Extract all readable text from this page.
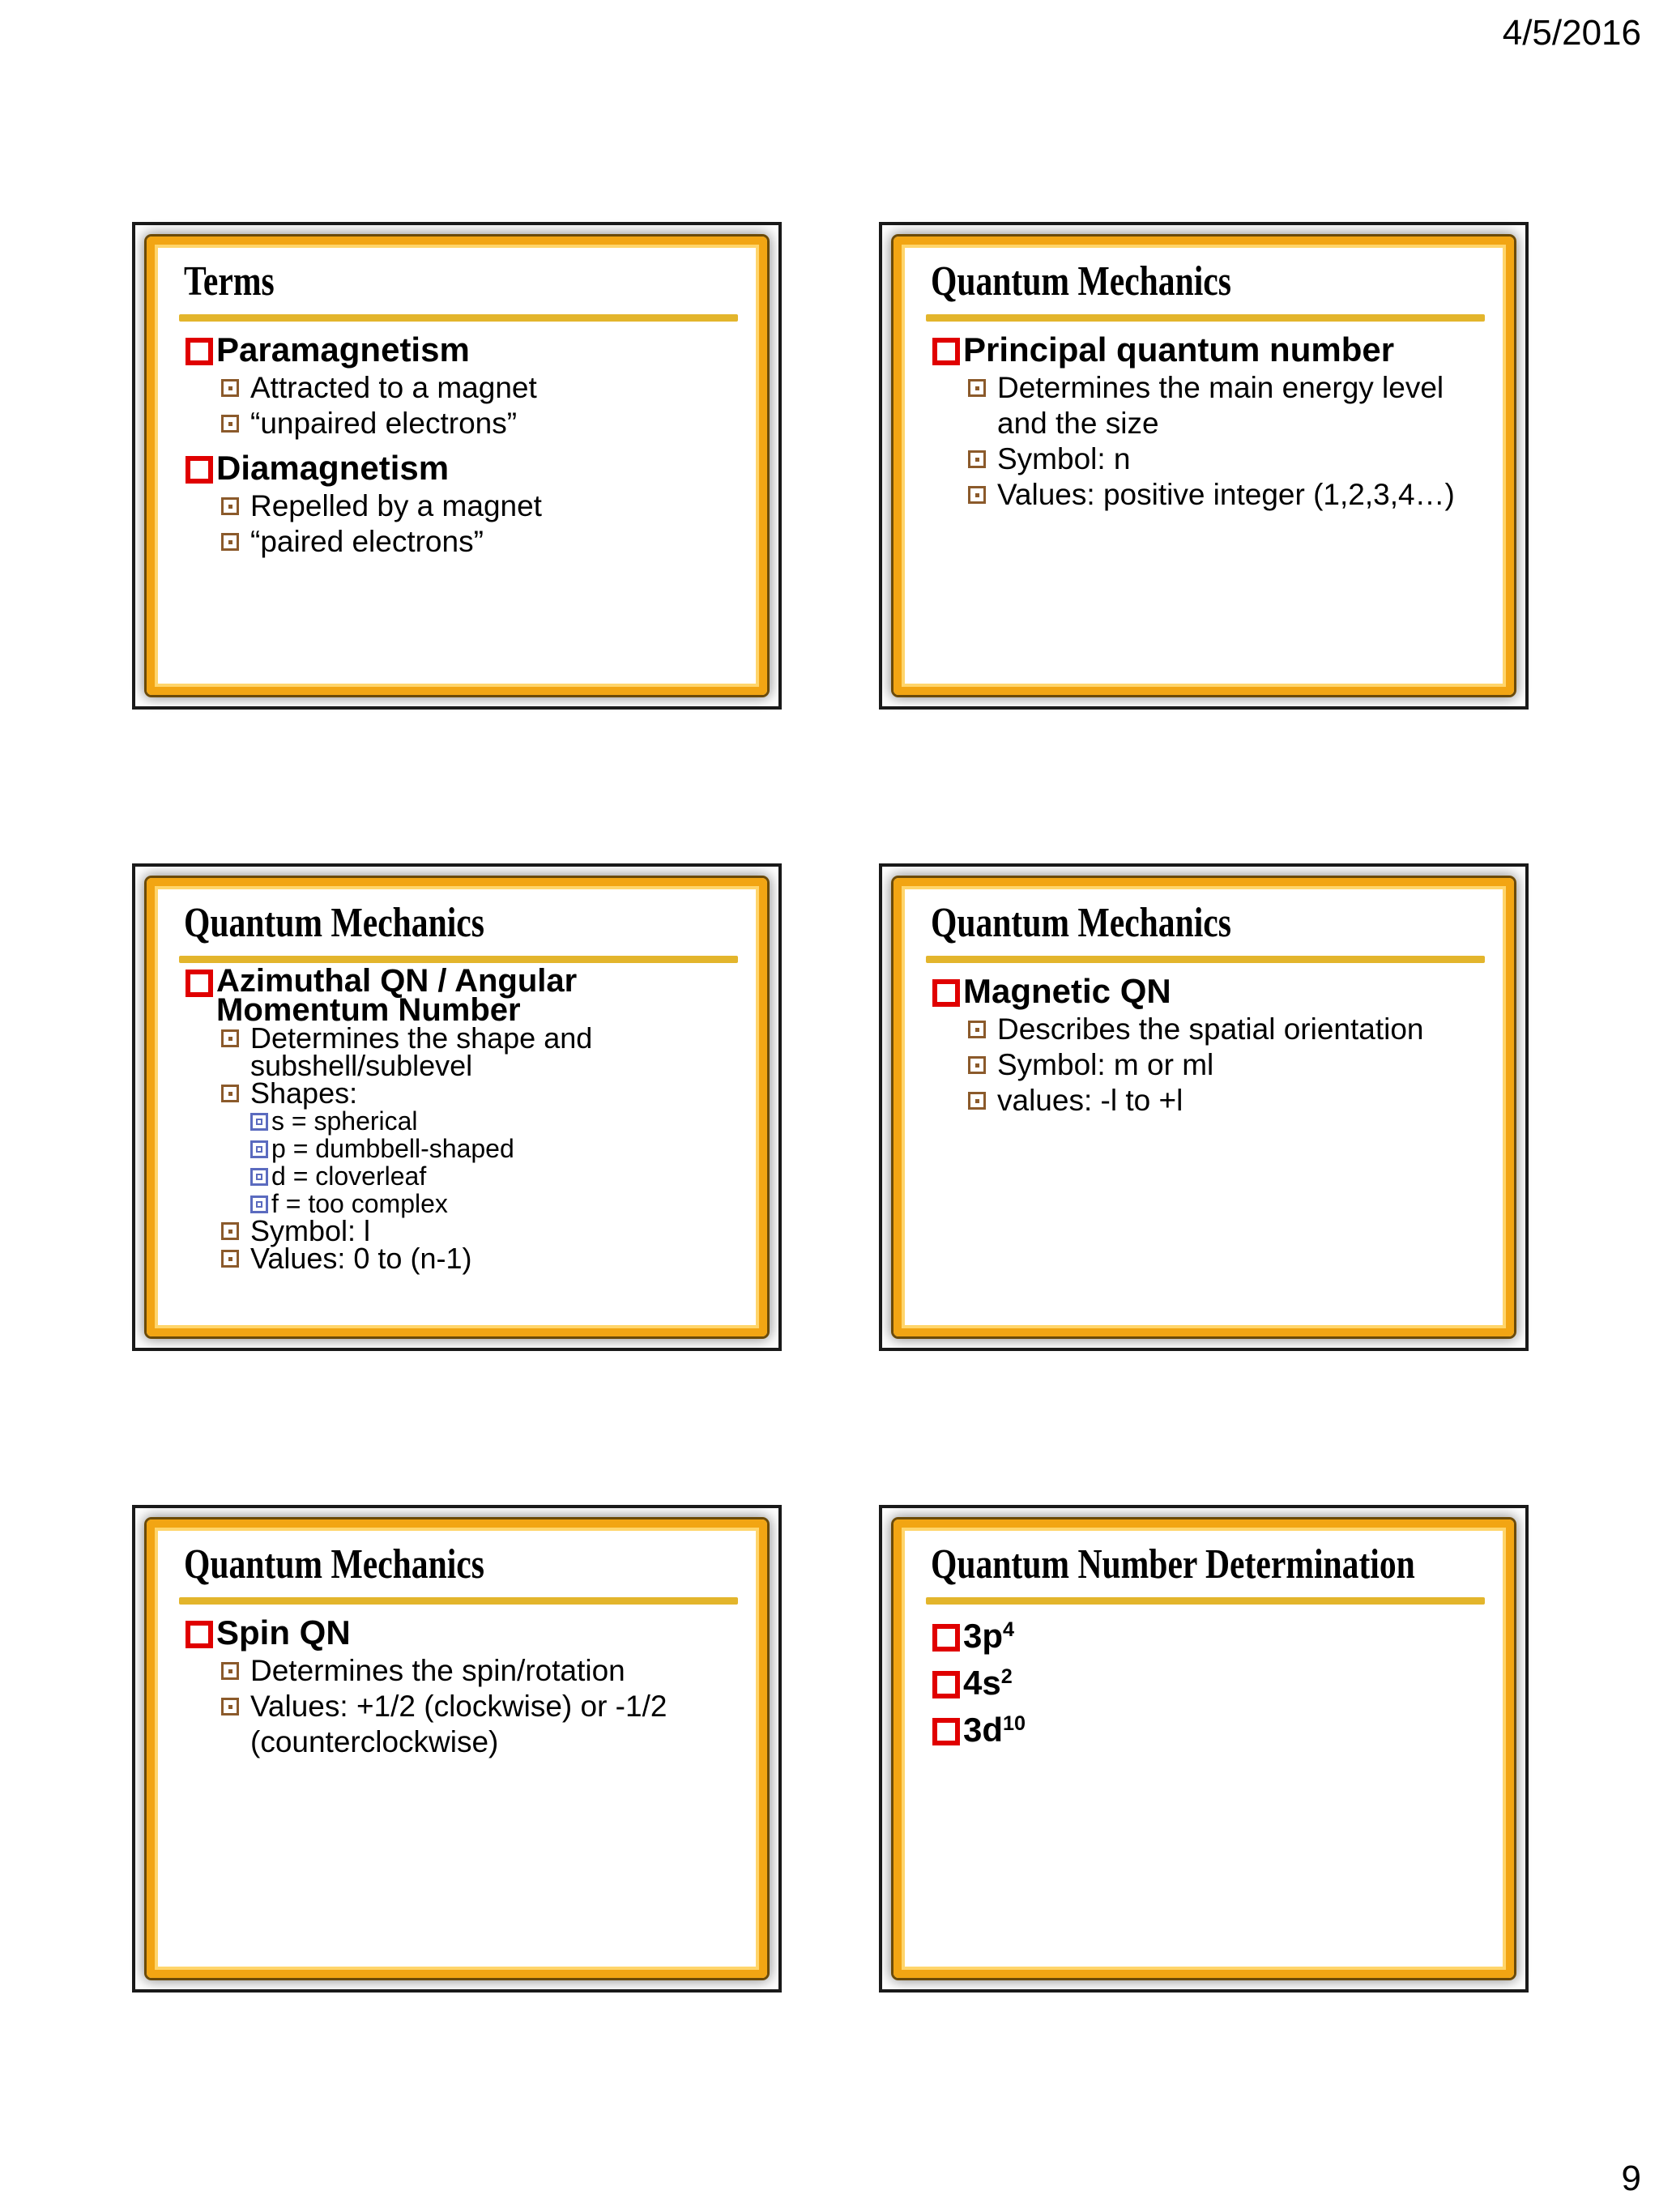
4/5/2016
Terms
Paramagnetism
Attracted to a magnet
“unpaired electrons”
Diamagnetism
Repelled by a magnet
“paired electrons”
Quantum Mechanics
Principal quantum number
Determines the main energy level and the size
Symbol: n
Values: positive integer (1,2,3,4…)
Quantum Mechanics
Azimuthal QN / Angular Momentum Number
Determines the shape and subshell/sublevel
Shapes:
s = spherical
p = dumbbell-shaped
d = cloverleaf
f = too complex
Symbol: l
Values: 0 to (n-1)
Quantum Mechanics
Magnetic QN
Describes the spatial orientation
Symbol: m or ml
values: -l to +l
Quantum Mechanics
Spin QN
Determines the spin/rotation
Values: +1/2 (clockwise) or -1/2 (counterclockwise)
Quantum Number Determination
$3p^4$
$4s^2$
$3d^{10}$
9
